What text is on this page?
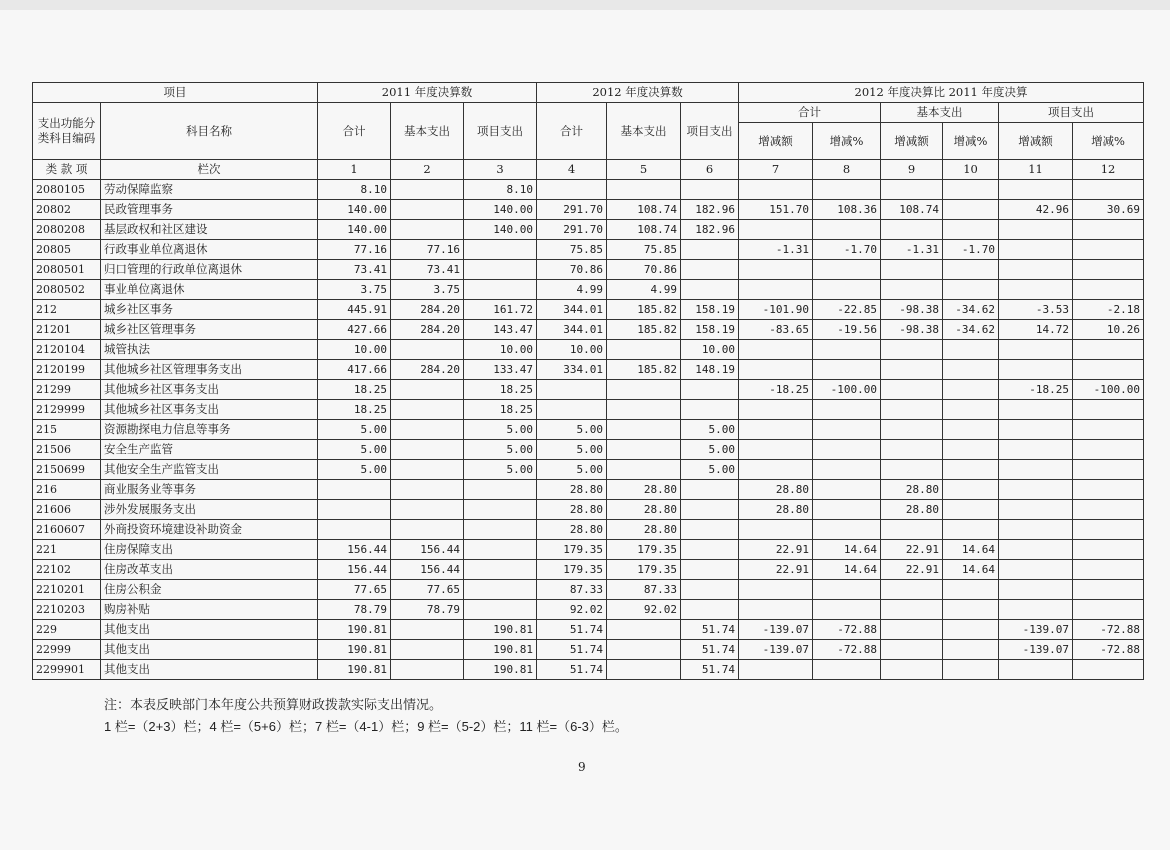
项目		2011 年度决算数			2012 年度决算数			2012 年度决算比 2011 年度决算					
支出功能分类科目编码	科目名称	合计	基本支出	项目支出	合计	基本支出	项目支出	合计		基本支出		项目支出	
								增减额	增减%	增减额	增减%	增减额	增减%
类 款 项	栏次	1	2	3	4	5	6	7	8	9	10	11	12
2080105	劳动保障监察	8.10		8.10									
20802	民政管理事务	140.00		140.00	291.70	108.74	182.96	151.70	108.36	108.74		42.96	30.69
2080208	基层政权和社区建设	140.00		140.00	291.70	108.74	182.96						
20805	行政事业单位离退休	77.16	77.16		75.85	75.85		-1.31	-1.70	-1.31	-1.70		
2080501	归口管理的行政单位离退休	73.41	73.41		70.86	70.86							
2080502	事业单位离退休	3.75	3.75		4.99	4.99							
212	城乡社区事务	445.91	284.20	161.72	344.01	185.82	158.19	-101.90	-22.85	-98.38	-34.62	-3.53	-2.18
21201	城乡社区管理事务	427.66	284.20	143.47	344.01	185.82	158.19	-83.65	-19.56	-98.38	-34.62	14.72	10.26
2120104	城管执法	10.00		10.00	10.00		10.00						
2120199	其他城乡社区管理事务支出	417.66	284.20	133.47	334.01	185.82	148.19						
21299	其他城乡社区事务支出	18.25		18.25				-18.25	-100.00			-18.25	-100.00
2129999	其他城乡社区事务支出	18.25		18.25									
215	资源勘探电力信息等事务	5.00		5.00	5.00		5.00						
21506	安全生产监管	5.00		5.00	5.00		5.00						
2150699	其他安全生产监管支出	5.00		5.00	5.00		5.00						
216	商业服务业等事务				28.80	28.80		28.80		28.80			
21606	涉外发展服务支出				28.80	28.80		28.80		28.80			
2160607	外商投资环境建设补助资金				28.80	28.80							
221	住房保障支出	156.44	156.44		179.35	179.35		22.91	14.64	22.91	14.64		
22102	住房改革支出	156.44	156.44		179.35	179.35		22.91	14.64	22.91	14.64		
2210201	住房公积金	77.65	77.65		87.33	87.33							
2210203	购房补贴	78.79	78.79		92.02	92.02							
229	其他支出	190.81		190.81	51.74		51.74	-139.07	-72.88			-139.07	-72.88
22999	其他支出	190.81		190.81	51.74		51.74	-139.07	-72.88			-139.07	-72.88
2299901	其他支出	190.81		190.81	51.74		51.74						
注：本表反映部门本年度公共预算财政拨款实际支出情况。
1 栏=（2+3）栏；4 栏=（5+6）栏；7 栏=（4-1）栏；9 栏=（5-2）栏；11 栏=（6-3）栏。
9
